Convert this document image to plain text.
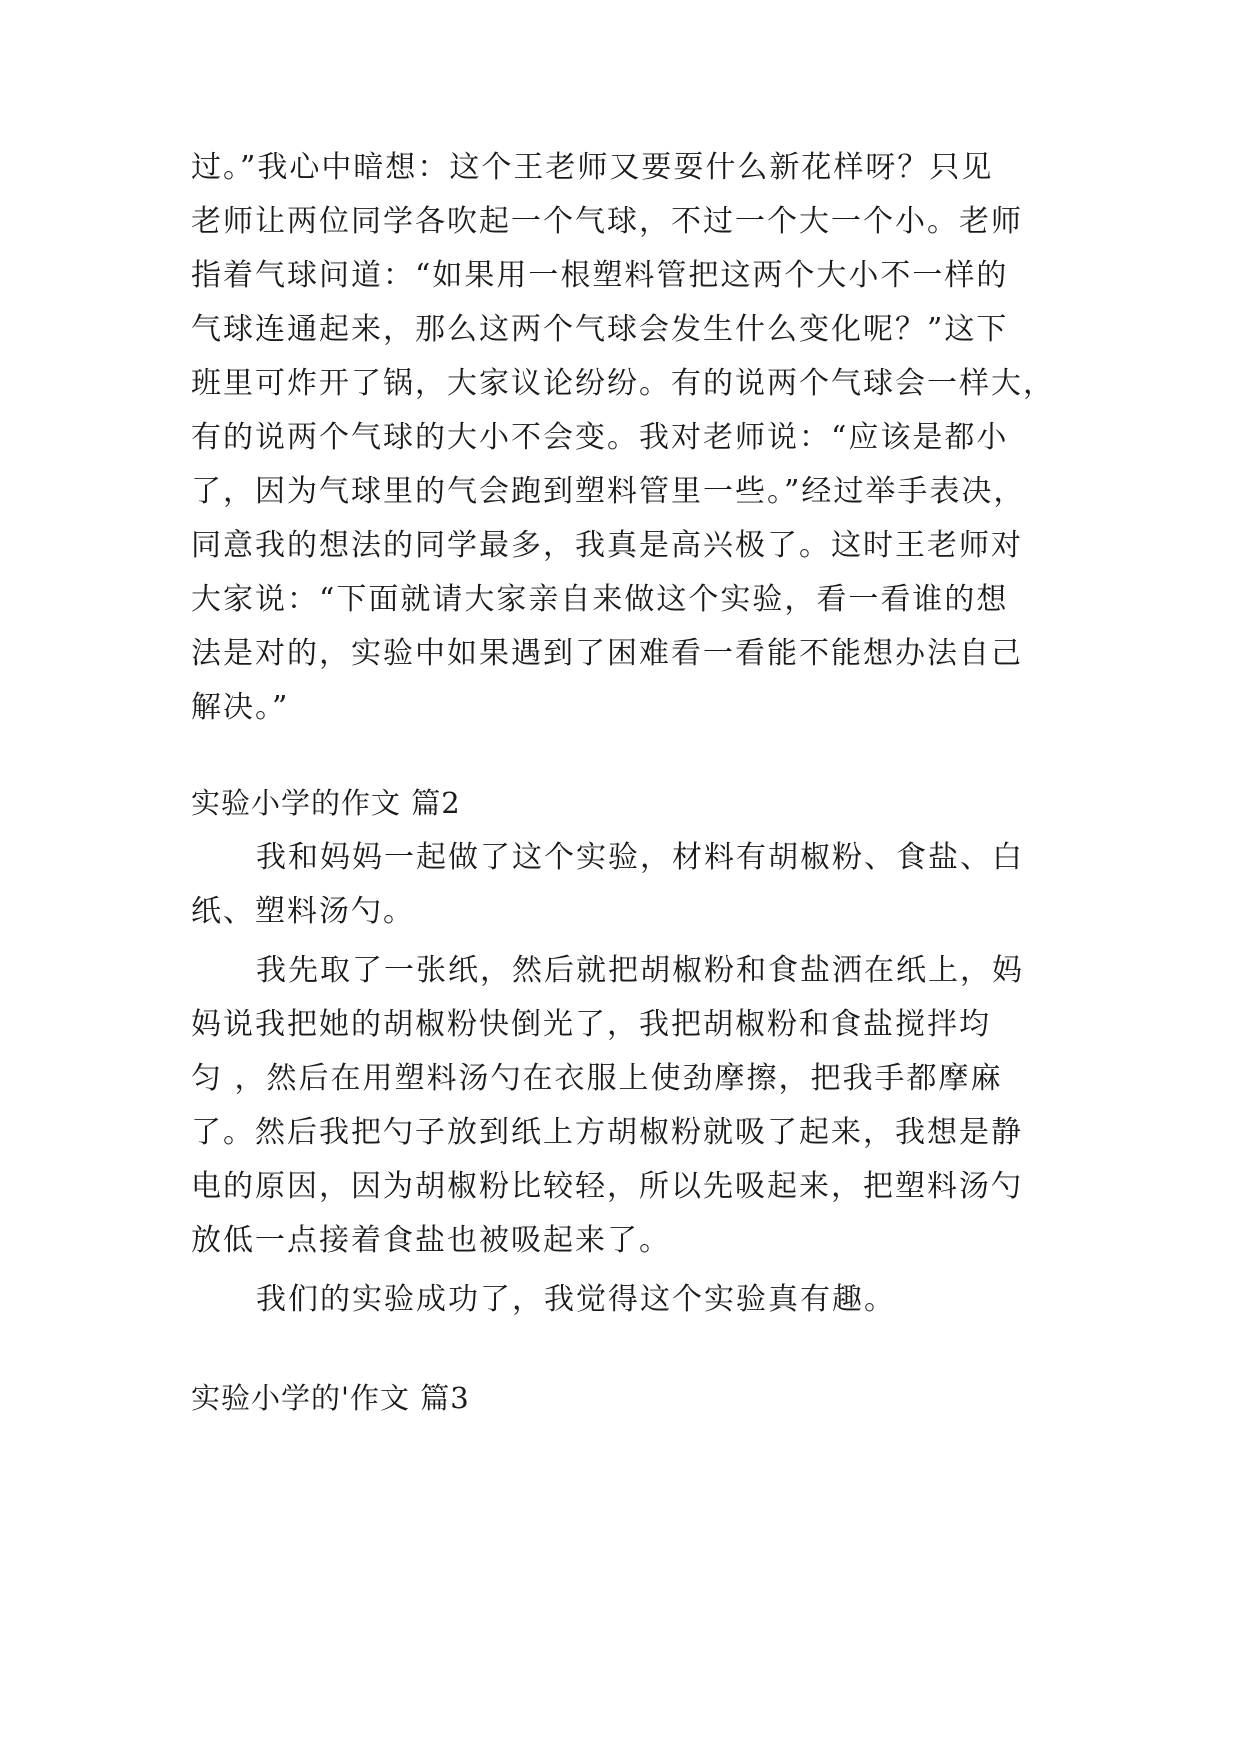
过。”我心中暗想：这个王老师又要耍什么新花样呀？只见
老师让两位同学各吹起一个气球，不过一个大一个小。老师
指着气球问道：“如果用一根塑料管把这两个大小不一样的
气球连通起来，那么这两个气球会发生什么变化呢？”这下
班里可炸开了锅，大家议论纷纷。有的说两个气球会一样大，
有的说两个气球的大小不会变。我对老师说：“应该是都小
了，因为气球里的气会跑到塑料管里一些。”经过举手表决，
同意我的想法的同学最多，我真是高兴极了。这时王老师对
大家说：“下面就请大家亲自来做这个实验，看一看谁的想
法是对的，实验中如果遇到了困难看一看能不能想办法自己
解决。”
实验小学的作文 篇2
我和妈妈一起做了这个实验，材料有胡椒粉、食盐、白
纸、塑料汤勺。
我先取了一张纸，然后就把胡椒粉和食盐洒在纸上，妈
妈说我把她的胡椒粉快倒光了，我把胡椒粉和食盐搅拌均
匀 ，然后在用塑料汤勺在衣服上使劲摩擦，把我手都摩麻
了。然后我把勺子放到纸上方胡椒粉就吸了起来，我想是静
电的原因，因为胡椒粉比较轻，所以先吸起来，把塑料汤勺
放低一点接着食盐也被吸起来了。
我们的实验成功了，我觉得这个实验真有趣。
实验小学的'作文 篇3
